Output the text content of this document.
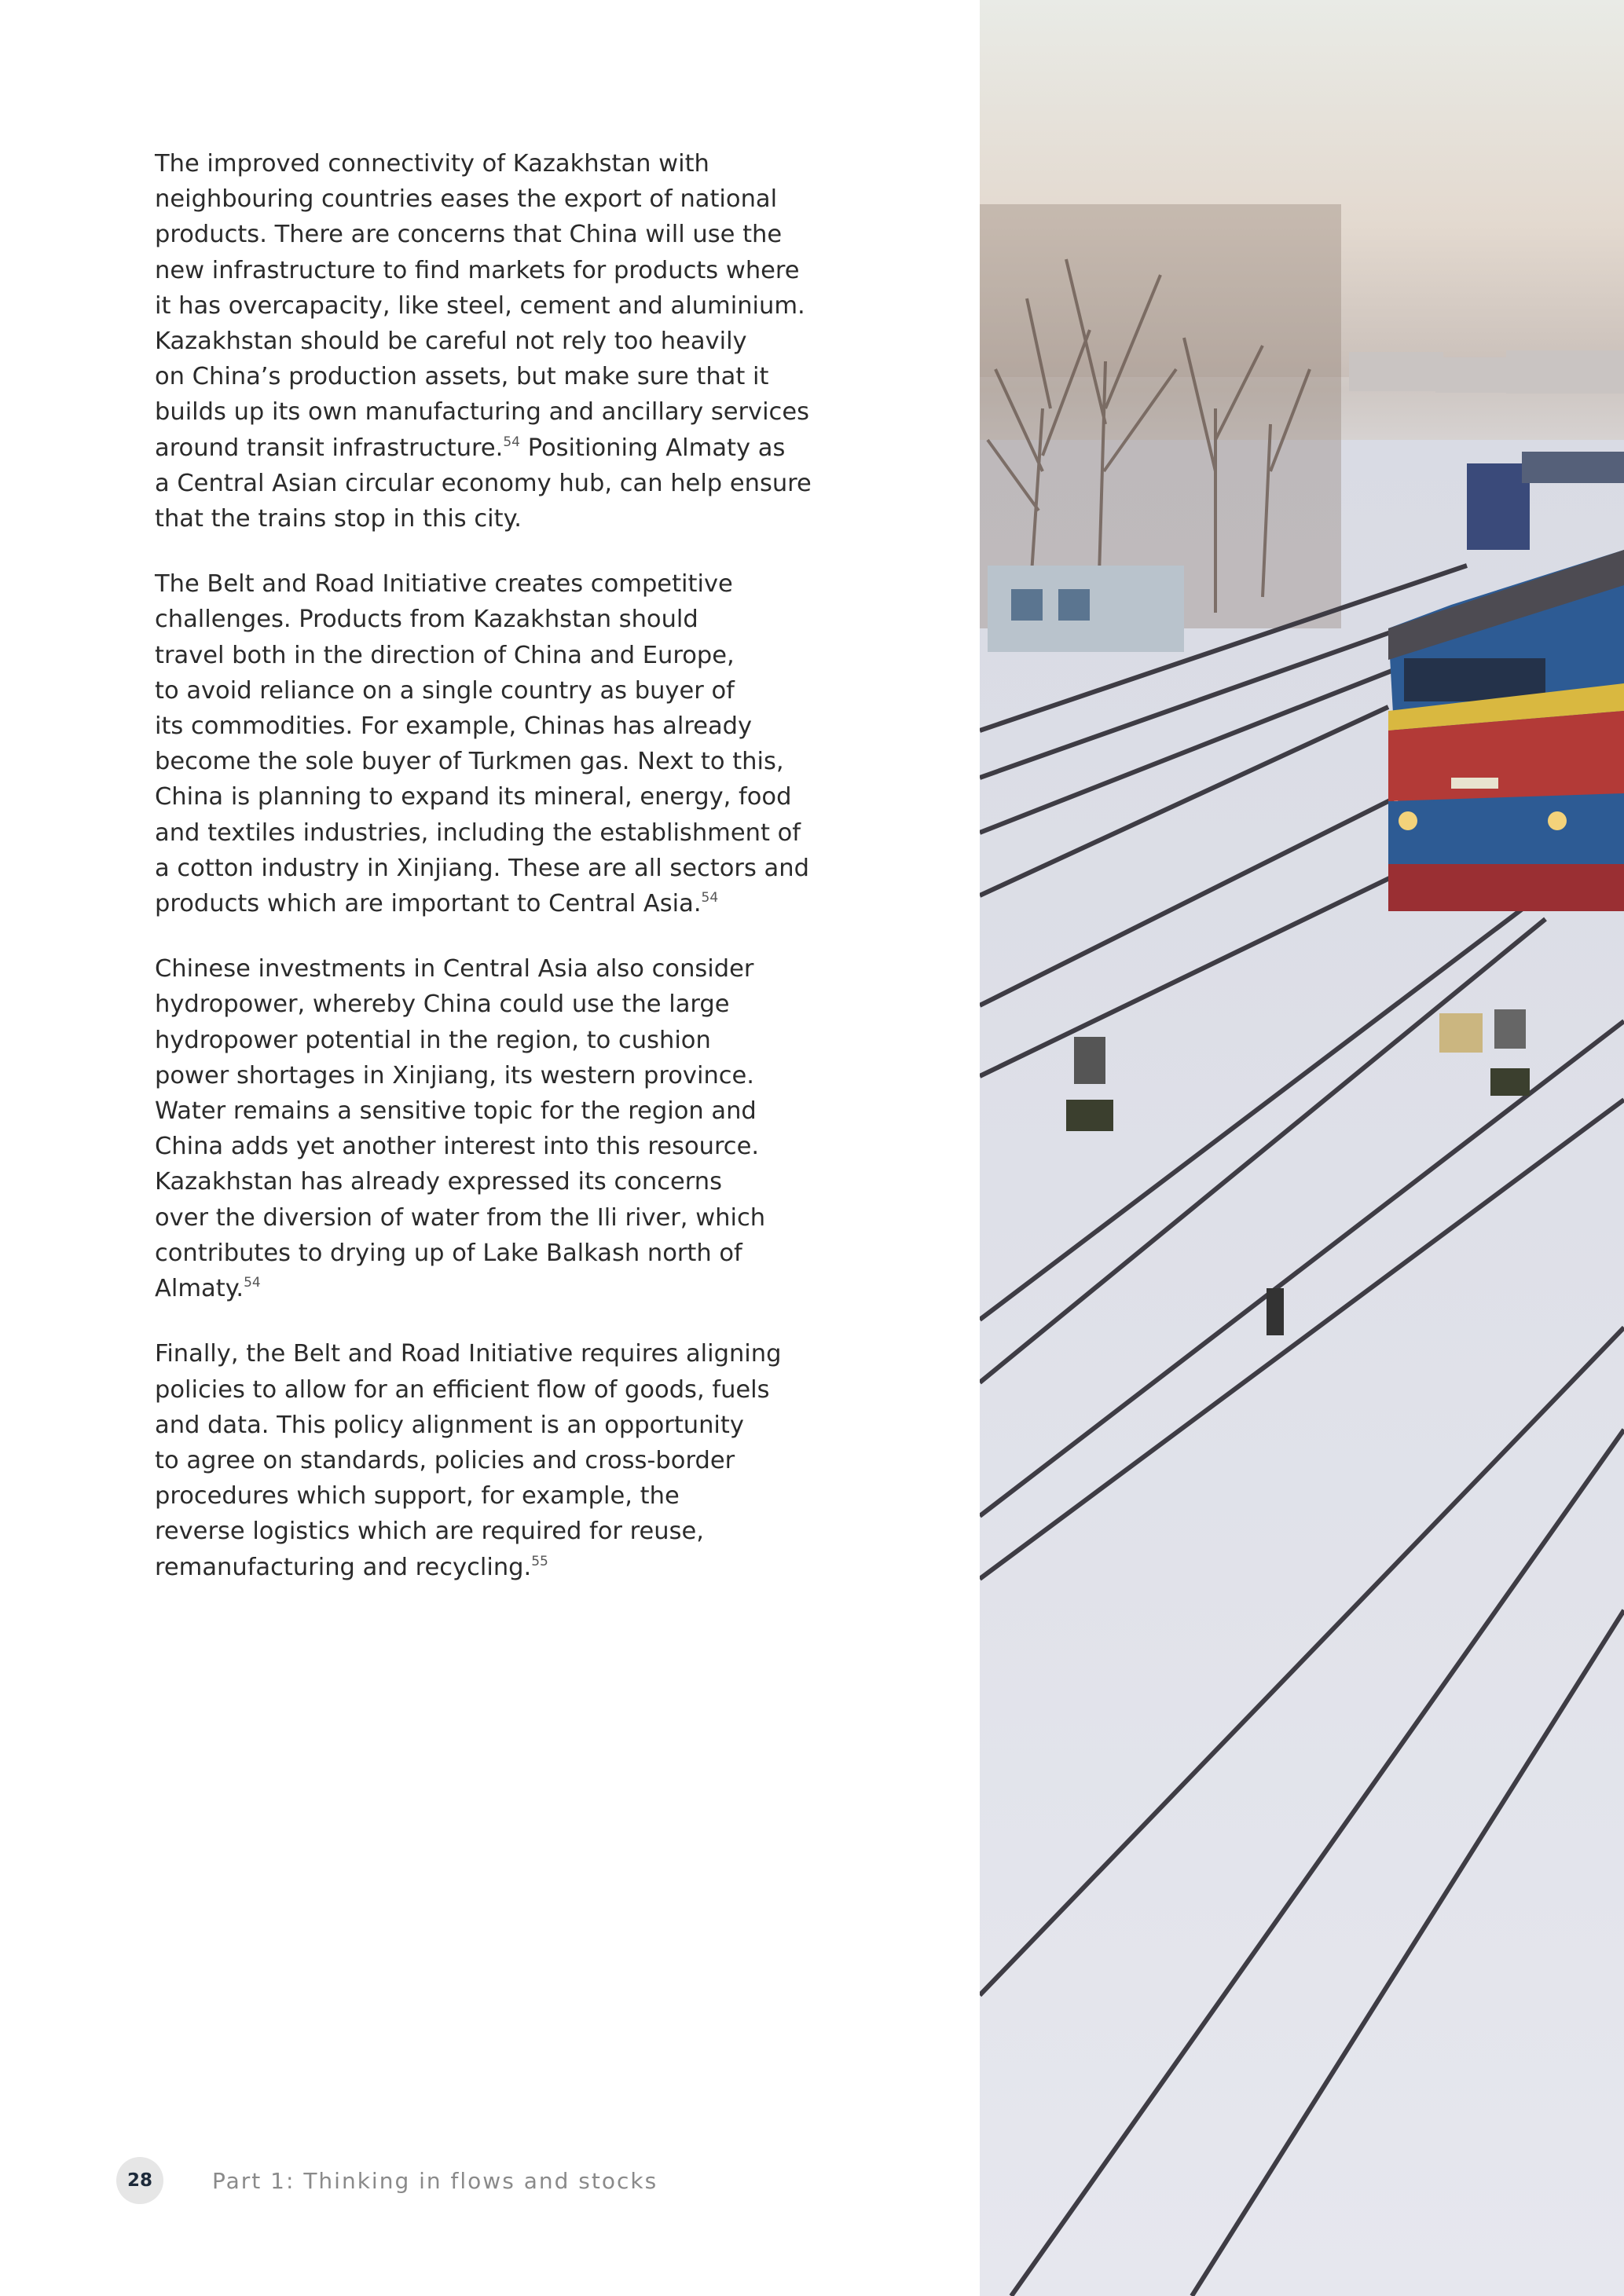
The improved connectivity of Kazakhstan with
neighbouring countries eases the export of national
products. There are concerns that China will use the
new infrastructure to find markets for products where
it has overcapacity, like steel, cement and aluminium.
Kazakhstan should be careful not rely too heavily
on China’s production assets, but make sure that it
builds up its own manufacturing and ancillary services
around transit infrastructure.$^{54}$ Positioning Almaty as
a Central Asian circular economy hub, can help ensure
that the trains stop in this city.

The Belt and Road Initiative creates competitive
challenges. Products from Kazakhstan should
travel both in the direction of China and Europe,
to avoid reliance on a single country as buyer of
its commodities. For example, Chinas has already
become the sole buyer of Turkmen gas. Next to this,
China is planning to expand its mineral, energy, food
and textiles industries, including the establishment of
a cotton industry in Xinjiang. These are all sectors and
products which are important to Central Asia.$^{54}$

Chinese investments in Central Asia also consider
hydropower, whereby China could use the large
hydropower potential in the region, to cushion
power shortages in Xinjiang, its western province.
Water remains a sensitive topic for the region and
China adds yet another interest into this resource.
Kazakhstan has already expressed its concerns
over the diversion of water from the Ili river, which
contributes to drying up of Lake Balkash north of
Almaty.$^{54}$

Finally, the Belt and Road Initiative requires aligning
policies to allow for an efficient flow of goods, fuels
and data. This policy alignment is an opportunity
to agree on standards, policies and cross-border
procedures which support, for example, the
reverse logistics which are required for reuse,
remanufacturing and recycling.$^{55}$

28	Part 1: Thinking in flows and stocks
